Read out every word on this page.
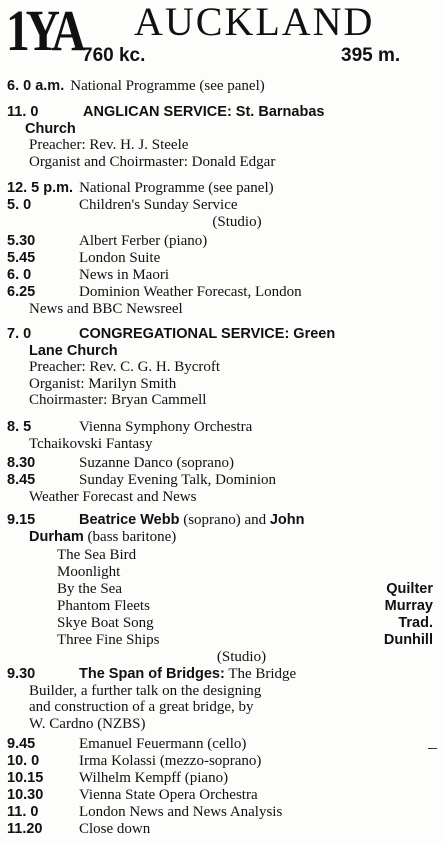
1YA AUCKLAND
760 kc.	395 m.
6. 0 a.m. National Programme (see panel)
11. 0	ANGLICAN SERVICE: St. Barnabas
Church
Preacher: Rev. H. J. Steele
Organist and Choirmaster: Donald Edgar
12. 5 p.m. National Programme (see panel)
5. 0	Children's Sunday Service
(Studio)
5.30	Albert Ferber (piano)
5.45	London Suite
6. 0	News in Maori
6.25	Dominion Weather Forecast, London
News and BBC Newsreel
7. 0	CONGREGATIONAL SERVICE: Green
Lane Church
Preacher: Rev. C. G. H. Bycroft
Organist: Marilyn Smith
Choirmaster: Bryan Cammell
8. 5	Vienna Symphony Orchestra
Tchaikovski Fantasy
8.30	Suzanne Danco (soprano)
8.45	Sunday Evening Talk, Dominion
Weather Forecast and News
9.15	Beatrice Webb (soprano) and John
Durham (bass baritone)
The Sea Bird
Moonlight
By the Sea	Quilter
Phantom Fleets	Murray
Skye Boat Song	Trad.
Three Fine Ships	Dunhill
(Studio)
9.30	The Span of Bridges: The Bridge
Builder, a further talk on the designing
and construction of a great bridge, by
W. Cardno (NZBS)
9.45	Emanuel Feuermann (cello)
10. 0	Irma Kolassi (mezzo-soprano)
10.15 Wilhelm Kempff (piano)
10.30 Vienna State Opera Orchestra
11. 0	London News and News Analysis
11.20 Close down
